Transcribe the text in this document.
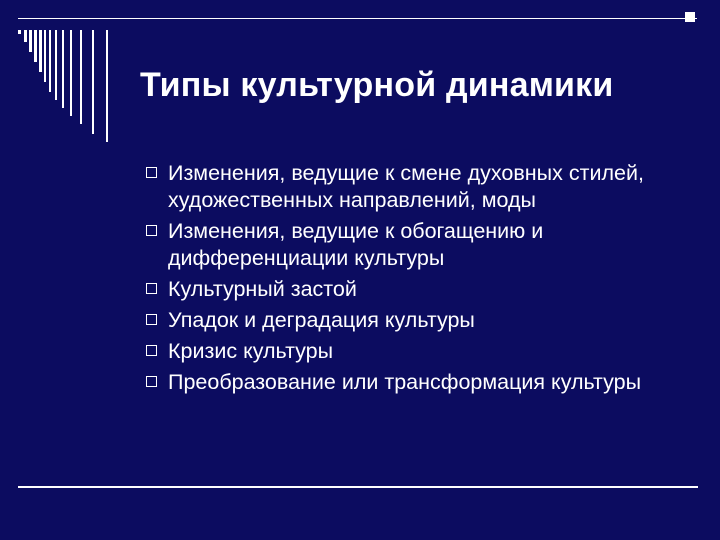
Типы культурной динамики
Изменения, ведущие к смене духовных стилей, художественных направлений, моды
Изменения, ведущие к обогащению и дифференциации культуры
Культурный застой
Упадок и деградация культуры
Кризис культуры
Преобразование или трансформация культуры
